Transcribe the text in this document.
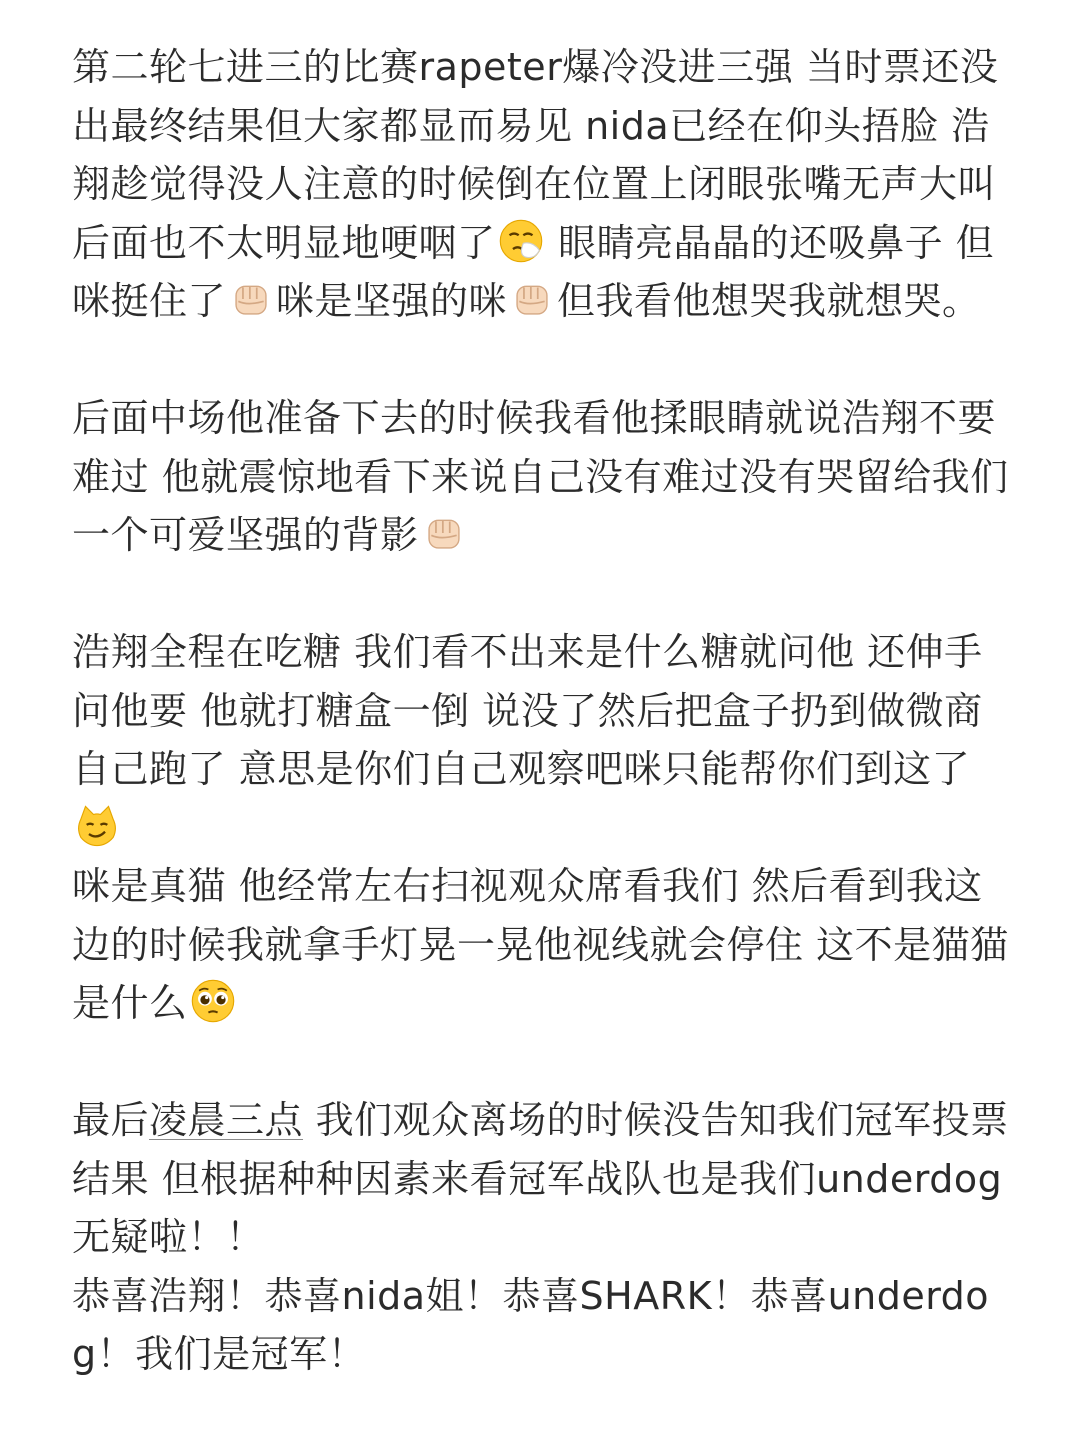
第二轮七进三的比赛rapeter爆冷没进三强 当时票还没出最终结果但大家都显而易见 nida已经在仰头捂脸 浩翔趁觉得没人注意的时候倒在位置上闭眼张嘴无声大叫 后面也不太明显地哽咽了 眼睛亮晶晶的还吸鼻子 但咪挺住了 咪是坚强的咪 但我看他想哭我就想哭。

后面中场他准备下去的时候我看他揉眼睛就说浩翔不要难过 他就震惊地看下来说自己没有难过没有哭留给我们一个可爱坚强的背影

浩翔全程在吃糖 我们看不出来是什么糖就问他 还伸手问他要 他就打糖盒一倒 说没了然后把盒子扔到做微商自己跑了 意思是你们自己观察吧咪只能帮你们到这了

咪是真猫 他经常左右扫视观众席看我们 然后看到我这边的时候我就拿手灯晃一晃他视线就会停住 这不是猫猫是什么

最后凌晨三点 我们观众离场的时候没告知我们冠军投票结果 但根据种种因素来看冠军战队也是我们underdog无疑啦！！

恭喜浩翔！恭喜nida姐！恭喜SHARK！恭喜underdog！我们是冠军！
